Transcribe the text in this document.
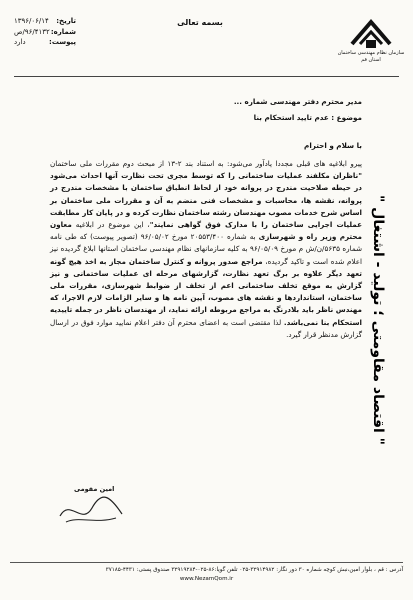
تاریخ:
۱۳۹۶/۰۶/۱۴
شماره:
۹۶/۴۱۳۲/ص
پیوست:
دارد
بسمه تعالی
سازمان نظام مهندسی ساختمان استان قم
مدیر محترم دفتر مهندسی شماره ...
موضوع : عدم تایید استحکام بنا
با سلام و احترام
پیرو ابلاغیه های قبلی مجددا یادآور می‌شود: به استناد بند ۲-۱۳ از مبحث دوم مقررات ملی ساختمان "ناظران مکلفند عملیات ساختمانی را که توسط مجری تحت نظارت آنها احداث می‌شود در حیطه صلاحیت مندرج در پروانه خود از لحاظ انطباق ساختمان با مشخصات مندرج در پروانه، نقشه ها، محاسبات و مشخصات فنی منضم به آن و مقررات ملی ساختمان بر اساس شرح خدمات مصوب مهندسان رشته ساختمان نظارت کرده و در پایان کار مطابقت عملیات اجرایی ساختمان را با مدارک فوق گواهی نمایند"، این موضوع در ابلاغیه معاون محترم وزیر راه و شهرسازی به شماره ۲۰۵۵۳/۴۰۰ مورخ ۹۶/۰۵/۰۲ (تصویر پیوست) که طی نامه شماره ۵۶۳۵/ن/ش م مورخ ۹۶/۰۵/۰۹ به کلیه سازمانهای نظام مهندسی ساختمان استانها ابلاغ گردیده نیز اعلام شده است و تاکید گردیده، مراجع صدور پروانه و کنترل ساختمان مجاز به اخذ هیچ گونه تعهد دیگر علاوه بر برگ تعهد نظارت، گزارشهای مرحله ای عملیات ساختمانی و نیز گزارش به موقع تخلف ساختمانی اعم از تخلف از ضوابط شهرسازی، مقررات ملی ساختمان، استانداردها و نقشه های مصوب، آیین نامه ها و سایر الزامات لازم الاجرا، که مهندس ناظر باید بلادرنگ به مراجع مربوطه ارائه نماید، از مهندسان ناظر در جمله تاییدیه استحکام بنا نمی‌باشد. لذا مقتضی است به اعضای محترم آن دفتر اعلام نمایید موارد فوق در ارسال گزارش مدنظر قرار گیرد. " اقتصاد مقاومتی ؛ تولید - اشتغال "
امین مقومی
آدرس : قم ، بلوار امین،نبش کوچه شماره ۳۰ دور نگار: ۳۲۹۱۴۹۸۲-۰۲۵ تلفن گویا:۸۶-۰۲۵-۳۲۹۱۹۲۸۴ صندوق پستی: ۴۴۳۱-۳۷۱۸۵
www.NezamQom.ir
